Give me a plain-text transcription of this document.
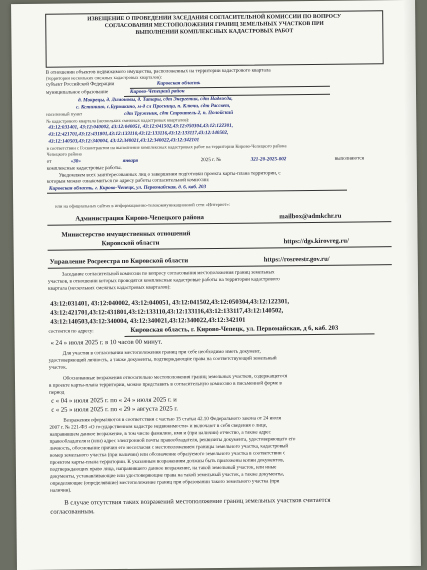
ИЗВЕЩЕНИЕ О ПРОВЕДЕНИИ ЗАСЕДАНИЯ СОГЛАСИТЕЛЬНОЙ КОМИССИИ ПО ВОПРОСУ
СОГЛАСОВАНИЯ МЕСТОПОЛОЖЕНИЯ ГРАНИЦ ЗЕМЕЛЬНЫХ УЧАСТКОВ ПРИ
ВЫПОЛНЕНИИ КОМПЛЕКСНЫХ КАДАСТРОВЫХ РАБОТ
В отношении объектов недвижимого имущества, расположенных на территории кадастрового квартала
(территории нескольких смежных кадастровых кварталов):
субъект Российской Федерации	Кировская область
муниципальное образование	Кирово-Чепецкий район
д. Мокрецы, д. Лимоновы, д. Татары, сдт Энергетик, сдт Надежда,
с. Кстинино, с.Бурмакино, м-д сл Просница, п. Ключи, сдт Рассвет,
населенный пункт	сдт Труженик, сдт Строитель-2, п. Полойский
№ кадастрового квартала (нескольких смежных кадастровых кварталов):
43:12:031401, 43:12:040002, 43:12:040051, 43:12:041502,43:12:050304,43:12:122301,
43:12:421701,43:12:431801,43:12:133110,43:12:133116,43:12:133117,43:12:140502,
43:12:140503,43:12:340004, 43:12:340021,43:12:340022,43:12:342101
в соответствии с Госконтрактом на выполнение комплексных кадастровых работ на территории Кирово-Чепецкого района
Чепецкого района
от	«30»	января	2025 г. №	321-20-2025-002	выполняются
комплексные кадастровые работы.
Уведомляем всех заинтересованных лиц о завершении подготовки проекта карты-плана территории, с
которым можно ознакомиться по адресу работы согласительной комиссии:
Кировская область, г. Кирово-Чепецк, ул. Первомайская, д. 6, каб. 203
или на официальных сайтах в информационно-телекоммуникационной сети «Интернет»:
Администрация Кирово-Чепецкого района	mailbox@admkchr.ru
Министерство имущественных отношений
Кировской области	https://dgs.kirovreg.ru/
Управление Росреестра по Кировской области	https://rosreestr.gov.ru/
Заседание согласительной комиссии по вопросу согласования местоположения границ земельных
участков, в отношении которых проводятся комплексные кадастровые работы на территории кадастрового
квартала (нескольких смежных кадастровых кварталов):
43:12:031401, 43:12:040002, 43:12:040051, 43:12:041502,43:12:050304,43:12:122301,
43:12:421701,43:12:431801,43:12:133110,43:12:133116,43:12:133117,43:12:140502,
43:12:140503,43:12:340004, 43:12:340021,43:12:340022,43:12:342101
состоится по адресу:	Кировская область, г. Кирово-Чепецк, ул. Первомайская, д 6, каб. 203
« 24 » июля 2025 г. в 10 часов 00 минут.
Для участия в согласовании местоположения границ при себе необходимо иметь документ,
удостоверяющий личность, а также документы, подтверждающие права на соответствующий земельный
участок.
Обоснованные возражения относительно местоположения границ земельных участков, содержащегося
в проекте карты-плана территории, можно представить в согласительную комиссию в письменной форме в
период
с « 04 » июля 2025 г. по « 24 » июля 2025 г. и
с « 25 » июля 2025 г. по « 29 » августа 2025 г.
Возражения оформляются в соответствии с частью 15 статьи 42.10 Федерального закона от 24 июля
2007 г. № 221-ФЗ «О государственном кадастре недвижимости» и включают в себя сведения о лице,
направившем данное возражение, в том числе фамилию, имя и (при наличии) отчество, а также адрес
правообладателя и (или) адрес электронной почты правообладателя, реквизиты документа, удостоверяющего его
личность, обоснование причин его несогласия с местоположением границы земельного участка, кадастровый
номер земельного участка (при наличии) или обозначение образуемого земельного участка в соответствии с
проектом карты-плана территории. К указанным возражениям должны быть приложены копии документов,
подтверждающих право лица, направившего данное возражение, на такой земельный участок, или иные
документы, устанавливающие или удостоверяющие права на такой земельный участок, а также документы,
определяющие (определявшие) местоположение границ при образовании такого земельного участка (при
наличии).
В случае отсутствия таких возражений местоположение границ земельных участков считается
согласованным.
